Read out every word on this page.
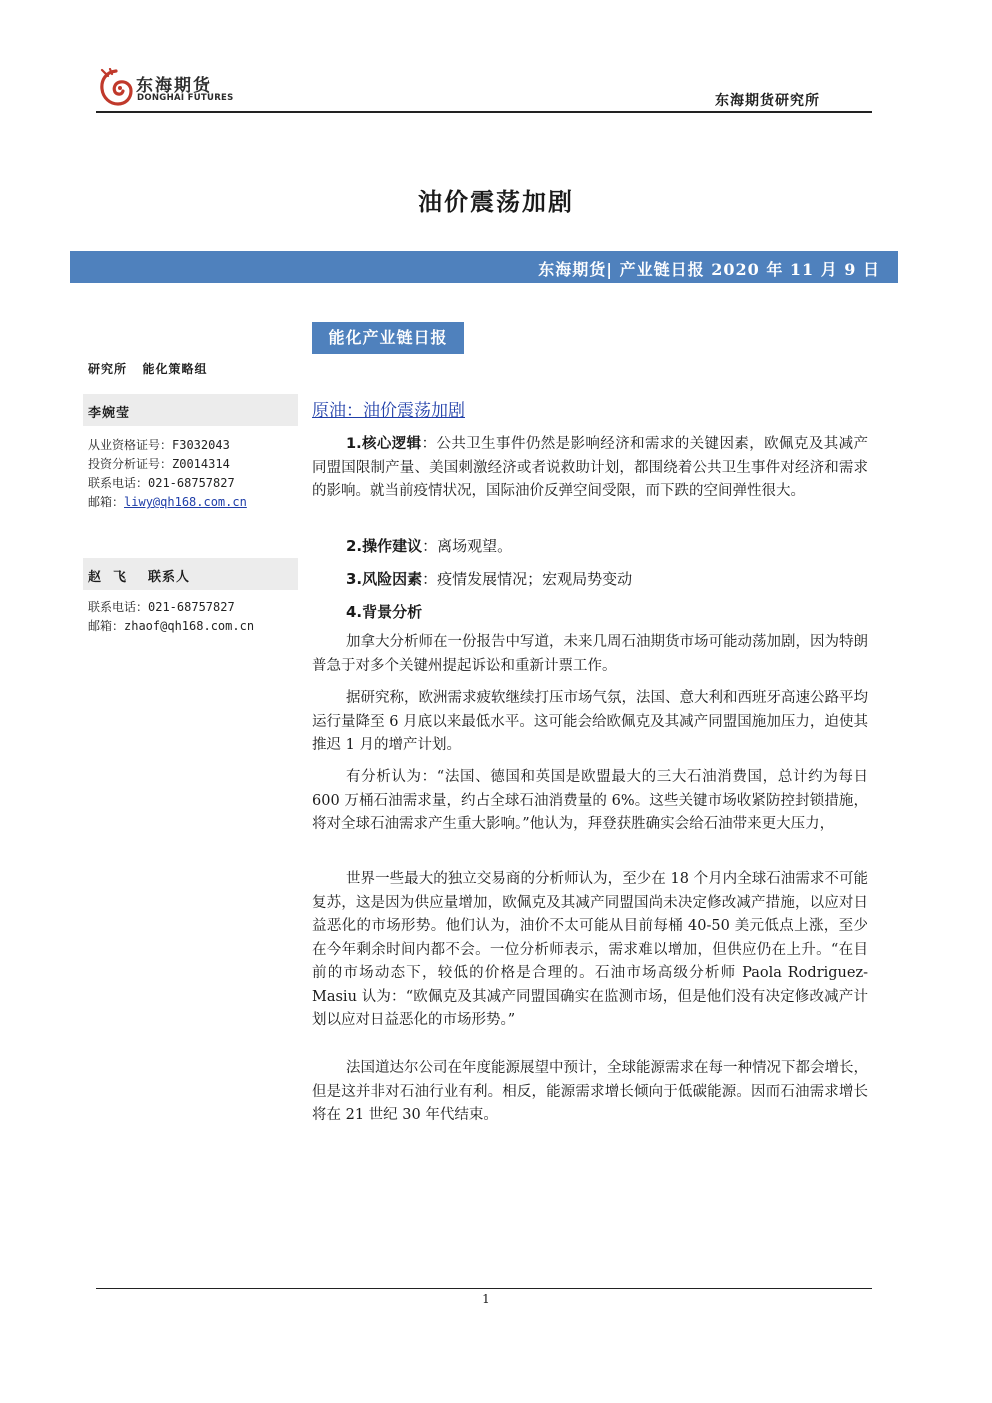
东海期货
DONGHAI FUTURES	东海期货研究所
油价震荡加剧
东海期货| 产业链日报 2020 年 11 月 9 日
能化产业链日报
研究所   能化策略组
李婉莹
从业资格证号：F3032043
投资分析证号：Z0014314
联系电话：021-68757827
邮箱：liwy@qh168.com.cn
赵  飞 联系人
联系电话：021-68757827
邮箱：zhaof@qh168.com.cn
原油：油价震荡加剧
1.核心逻辑：公共卫生事件仍然是影响经济和需求的关键因素，欧佩克及其减产同盟国限制产量、美国刺激经济或者说救助计划，都围绕着公共卫生事件对经济和需求的影响。就当前疫情状况，国际油价反弹空间受限，而下跌的空间弹性很大。
2.操作建议：离场观望。
3.风险因素：疫情发展情况；宏观局势变动
4.背景分析
加拿大分析师在一份报告中写道，未来几周石油期货市场可能动荡加剧，因为特朗普急于对多个关键州提起诉讼和重新计票工作。
据研究称，欧洲需求疲软继续打压市场气氛，法国、意大利和西班牙高速公路平均运行量降至 6 月底以来最低水平。这可能会给欧佩克及其减产同盟国施加压力，迫使其推迟 1 月的增产计划。
有分析认为：“法国、德国和英国是欧盟最大的三大石油消费国，总计约为每日 600 万桶石油需求量，约占全球石油消费量的 6%。这些关键市场收紧防控封锁措施，将对全球石油需求产生重大影响。”他认为，拜登获胜确实会给石油带来更大压力，
世界一些最大的独立交易商的分析师认为，至少在 18 个月内全球石油需求不可能复苏，这是因为供应量增加，欧佩克及其减产同盟国尚未决定修改减产措施，以应对日益恶化的市场形势。他们认为，油价不太可能从目前每桶 40-50 美元低点上涨，至少在今年剩余时间内都不会。一位分析师表示，需求难以增加，但供应仍在上升。“在目前的市场动态下，较低的价格是合理的。石油市场高级分析师 Paola Rodriguez-Masiu 认为：“欧佩克及其减产同盟国确实在监测市场，但是他们没有决定修改减产计划以应对日益恶化的市场形势。”
法国道达尔公司在年度能源展望中预计，全球能源需求在每一种情况下都会增长，但是这并非对石油行业有利。相反，能源需求增长倾向于低碳能源。因而石油需求增长将在 21 世纪 30 年代结束。
1
